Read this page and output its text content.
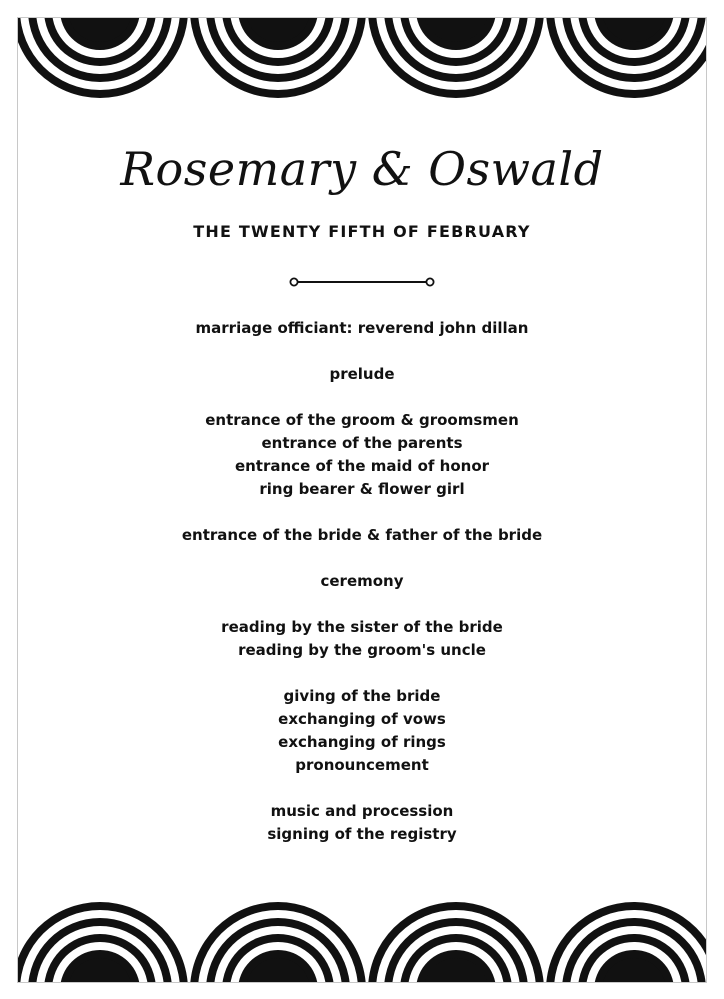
Rosemary & Oswald
THE TWENTY FIFTH OF FEBRUARY
marriage officiant: reverend john dillan
prelude
entrance of the groom & groomsmen
entrance of the parents
entrance of the maid of honor
ring bearer & flower girl
entrance of the bride & father of the bride
ceremony
reading by the sister of the bride
reading by the groom's uncle
giving of the bride
exchanging of vows
exchanging of rings
pronouncement
music and procession
signing of the registry
